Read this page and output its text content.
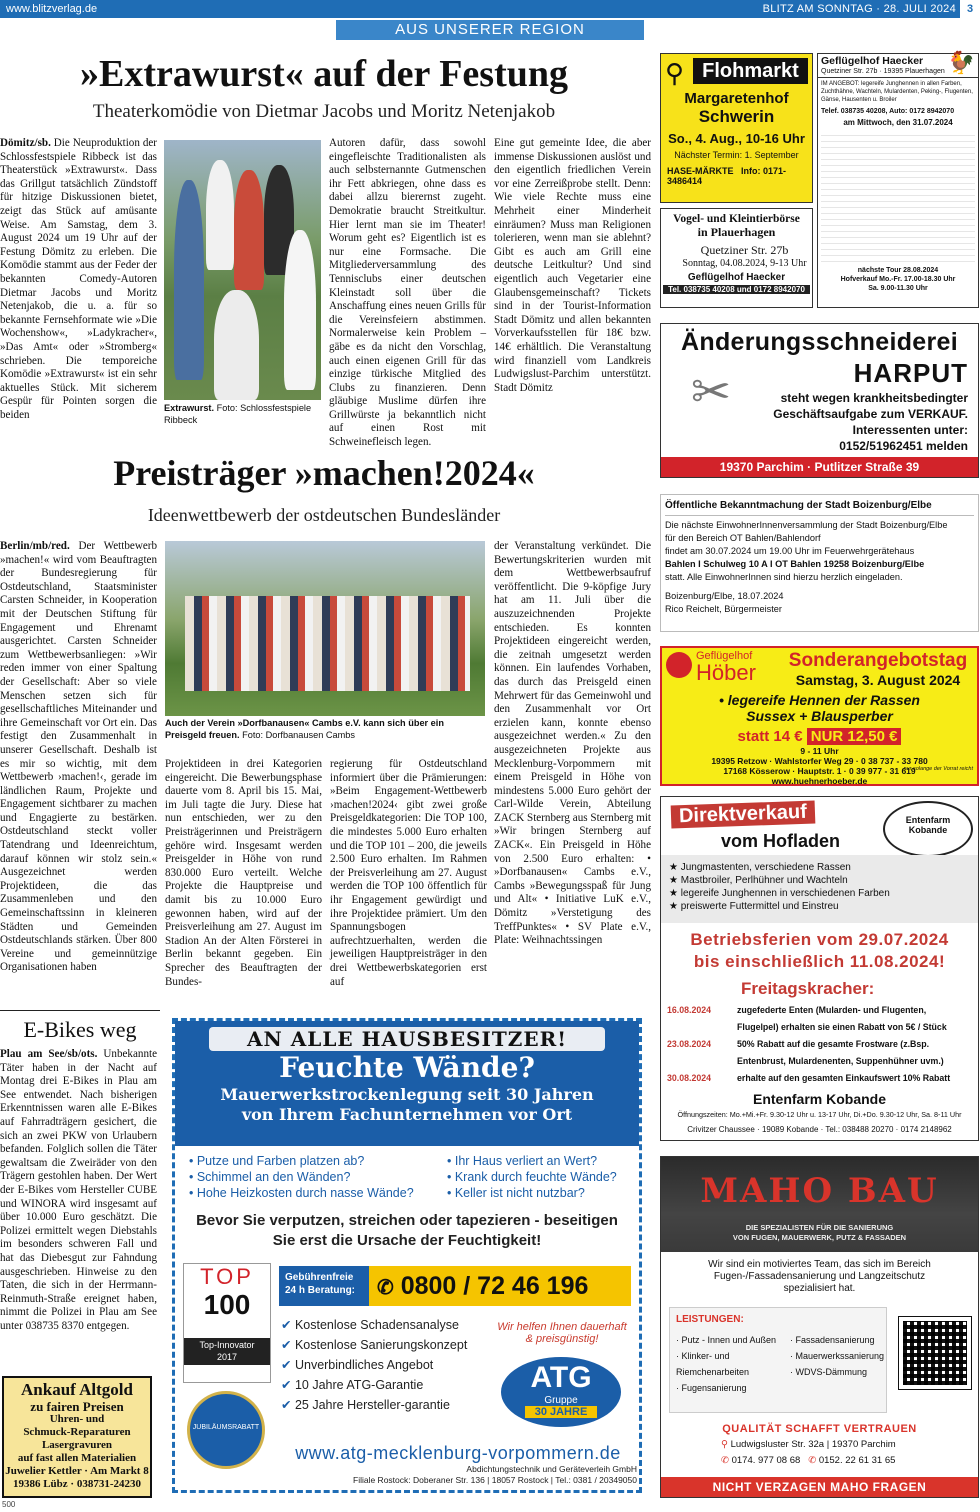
www.blitzverlag.de	BLITZ AM SONNTAG · 28. JULI 2024 3
AUS UNSERER REGION
»Extrawurst« auf der Festung
Theaterkomödie von Dietmar Jacobs und Moritz Netenjakob
Dömitz/sb. Die Neuproduktion der Schlossfestspiele Ribbeck ist das Theaterstück »Extrawurst«. Dass das Grillgut tatsächlich Zündstoff für hitzige Diskussionen bietet, zeigt das Stück auf amüsante Weise. Am Samstag, dem 3. August 2024 um 19 Uhr auf der Festung Dömitz zu erleben. Die Komödie stammt aus der Feder der bekannten Comedy-Autoren Dietmar Jacobs und Moritz Netenjakob, die u. a. für so bekannte Fernsehformate wie »Die Wochenshow«, »Ladykracher«, »Das Amt« oder »Stromberg« schrieben. Die temporeiche Komödie »Extrawurst« ist ein sehr aktuelles Stück. Mit sicherem Gespür für Pointen sorgen die beiden
Extrawurst. Foto: Schlossfestspiele Ribbeck
Autoren dafür, dass sowohl eingefleischte Traditionalisten als auch selbsternannte Gutmenschen ihr Fett abkriegen, ohne dass es dabei allzu bierernst zugeht. Demokratie braucht Streitkultur. Hier lernt man sie im Theater! Worum geht es? Eigentlich ist es nur eine Formsache. Die Mitgliederversammlung des Tennisclubs einer deutschen Kleinstadt soll über die Anschaffung eines neuen Grills für die Vereinsfeiern abstimmen. Normalerweise kein Problem – gäbe es da nicht den Vorschlag, auch einen eigenen Grill für das einzige türkische Mitglied des Clubs zu finanzieren. Denn gläubige Muslime dürfen ihre Grillwürste ja bekanntlich nicht auf einen Rost mit Schweinefleisch legen.
Eine gut gemeinte Idee, die aber immense Diskussionen auslöst und den eigentlich friedlichen Verein vor eine Zerreißprobe stellt. Denn: Wie viele Rechte muss eine Mehrheit einer Minderheit einräumen? Muss man Religionen tolerieren, wenn man sie ablehnt? Gibt es auch am Grill eine deutsche Leitkultur? Und sind eigentlich auch Vegetarier eine Glaubensgemeinschaft? Tickets sind in der Tourist-Information Stadt Dömitz und allen bekannten Vorverkaufsstellen für 18€ bzw. 14€ erhältlich. Die Veranstaltung wird finanziell vom Landkreis Ludwigslust-Parchim unterstützt. Stadt Dömitz
Preisträger »machen!2024«
Ideenwettbewerb der ostdeutschen Bundesländer
Berlin/mb/red. Der Wettbewerb »machen!« wird vom Beauftragten der Bundesregierung für Ostdeutschland, Staatsminister Carsten Schneider, in Kooperation mit der Deutschen Stiftung für Engagement und Ehrenamt ausgerichtet. Carsten Schneider zum Wettbewerbsanliegen: »Wir reden immer von einer Spaltung der Gesellschaft: Aber so viele Menschen setzen sich für gesellschaftliches Miteinander und ihre Gemeinschaft vor Ort ein. Das festigt den Zusammenhalt in unserer Gesellschaft. Deshalb ist es mir so wichtig, mit dem Wettbewerb ›machen!‹, gerade im ländlichen Raum, Projekte und Engagement sichtbarer zu machen und Engagierte zu bestärken. Ostdeutschland steckt voller Tatendrang und Ideenreichtum, darauf können wir stolz sein.« Ausgezeichnet werden Projektideen, die das Zusammenleben und den Gemeinschaftssinn in kleineren Städten und Gemeinden Ostdeutschlands stärken. Über 800 Vereine und gemeinnützige Organisationen haben
Auch der Verein »Dorfbanausen« Cambs e.V. kann sich über ein Preisgeld freuen. Foto: Dorfbanausen Cambs
Projektideen in drei Kategorien eingereicht. Die Bewerbungsphase dauerte vom 8. April bis 15. Mai, im Juli tagte die Jury. Diese hat nun entschieden, wer zu den Preisträgerinnen und Preisträgern gehöre wird. Insgesamt werden Preisgelder in Höhe von rund 830.000 Euro verteilt. Welche Projekte die Hauptpreise und damit bis zu 10.000 Euro gewonnen haben, wird auf der Preisverleihung am 27. August im Stadion An der Alten Försterei in Berlin bekannt gegeben. Ein Sprecher des Beauftragten der Bundes-
regierung für Ostdeutschland informiert über die Prämierungen: »Beim Engagement-Wettbewerb ›machen!2024‹ gibt zwei große Preisgeldkategorien: Die TOP 100, die mindestes 5.000 Euro erhalten und die TOP 101 – 200, die jeweils 2.500 Euro erhalten. Im Rahmen der Preisverleihung am 27. August werden die TOP 100 öffentlich für ihr Engagement gewürdigt und ihre Projektidee prämiert. Um den Spannungsbogen aufrechtzuerhalten, werden die jeweiligen Hauptpreisträger in den drei Wettbewerbskategorien erst auf
der Veranstaltung verkündet. Die Bewertungskriterien wurden mit dem Wettbewerbsaufruf veröffentlicht. Die 9-köpfige Jury hat am 11. Juli über die auszuzeichnenden Projekte entschieden. Es konnten Projektideen eingereicht werden, die zeitnah umgesetzt werden können. Ein laufendes Vorhaben, das durch das Preisgeld einen Mehrwert für das Gemeinwohl und den Zusammenhalt vor Ort erzielen kann, konnte ebenso ausgezeichnet werden.« Zu den ausgezeichneten Projekte aus Mecklenburg-Vorpommern mit einem Preisgeld in Höhe von mindestens 5.000 Euro gehört der Carl-Wilde Verein, Abteilung ZACK Sternberg aus Sternberg mit »Wir bringen Sternberg auf ZACK«. Ein Preisgeld in Höhe von 2.500 Euro erhalten: • »Dorfbanausen« Cambs e.V., Cambs »Bewegungsspaß für Jung und Alt« • Initiative LuK e.V., Dömitz »Verstetigung des TreffPunktes« • SV Plate e.V., Plate: Weihnachtssingen
E-Bikes weg
Plau am See/sb/ots. Unbekannte Täter haben in der Nacht auf Montag drei E-Bikes in Plau am See entwendet. Nach bisherigen Erkenntnissen waren alle E-Bikes auf Fahrradträgern gesichert, die sich an zwei PKW von Urlaubern befanden. Folglich sollen die Täter gewaltsam die Zweiräder von den Trägern gestohlen haben. Der Wert der E-Bikes vom Hersteller CUBE und WINORA wird insgesamt auf über 10.000 Euro geschätzt. Die Polizei ermittelt wegen Diebstahls im besonders schweren Fall und hat das Diebesgut zur Fahndung ausgeschrieben. Hinweise zu den Taten, die sich in der Herrmann-Reinmuth-Straße ereignet haben, nimmt die Polizei in Plau am See unter 038735 8370 entgegen.
Ankauf Altgold
zu fairen Preisen
Uhren- und
Schmuck-Reparaturen
Lasergravuren
auf fast allen Materialien
Juwelier Kettler · Am Markt 8
19386 Lübz · 038731-24230
500
AN ALLE HAUSBESITZER!
Feuchte Wände?
Mauerwerkstrockenlegung seit 30 Jahren
von Ihrem Fachunternehmen vor Ort
• Putze und Farben platzen ab?
• Schimmel an den Wänden?
• Hohe Heizkosten durch nasse Wände?
• Ihr Haus verliert an Wert?
• Krank durch feuchte Wände?
• Keller ist nicht nutzbar?
Bevor Sie verputzen, streichen oder tapezieren - beseitigen Sie erst die Ursache der Feuchtigkeit!
TOP
100
Top-Innovator
2017
JUBILÄUMSRABATT
Gebührenfreie
24 h Beratung:	✆ 0800 / 72 46 196
✔ Kostenlose Schadensanalyse
✔ Kostenlose Sanierungskonzept
✔ Unverbindliches Angebot
✔ 10 Jahre ATG-Garantie
✔ 25 Jahre Hersteller-garantie
Wir helfen Ihnen dauerhaft & preisgünstig!
ATG
Gruppe
30 JAHRE
www.atg-mecklenburg-vorpommern.de
Abdichtungstechnik und Geräteverleih GmbH
Filiale Rostock: Doberaner Str. 136 | 18057 Rostock | Tel.: 0381 / 20349050
Flohmarkt
⚲
Margaretenhof
Schwerin
So., 4. Aug., 10-16 Uhr
Nächster Termin: 1. September
HASE-MÄRKTE Info: 0171-3486414
Vogel- und Kleintierbörse
in Plauerhagen
Quetziner Str. 27b
Sonntag, 04.08.2024, 9-13 Uhr
Geflügelhof Haecker
Tel. 038735 40208 und 0172 8942070
Geflügelhof Haecker	🐓
Quetziner Str. 27b · 19395 Plauerhagen
IM ANGEBOT: legereife Junghennen in allen Farben, Zuchthähne, Wachteln, Mulardenten, Peking-, Flugenten, Gänse, Hausenten u. Broiler
Telef. 038735 40208, Auto: 0172 8942070
am Mittwoch, den 31.07.2024
nächste Tour 28.08.2024
Hofverkauf Mo.-Fr. 17.00-18.30 Uhr
Sa. 9.00-11.30 Uhr
Änderungsschneiderei
HARPUT
✂	steht wegen krankheitsbedingter
Geschäftsaufgabe zum VERKAUF.
Interessenten unter:
0152/51962451 melden
19370 Parchim · Putlitzer Straße 39
Öffentliche Bekanntmachung der Stadt Boizenburg/Elbe
Die nächste EinwohnerInnenversammlung der Stadt Boizenburg/Elbe
für den Bereich OT Bahlen/Bahlendorf
findet am 30.07.2024 um 19.00 Uhr im Feuerwehrgerätehaus
Bahlen I Schulweg 10 A I OT Bahlen 19258 Boizenburg/Elbe
statt. Alle EinwohnerInnen sind hierzu herzlich eingeladen.
Boizenburg/Elbe, 18.07.2024
Rico Reichelt, Bürgermeister
Geflügelhof
Höber	Sonderangebotstag
Samstag, 3. August 2024
• legereife Hennen der Rassen
Sussex + Blausperber
statt 14 € NUR 12,50 €
9 - 11 Uhr
19395 Retzow · Wahlstorfer Weg 29 · 0 38 737 - 33 780
17168 Kösserow · Hauptstr. 1 · 0 39 977 - 31 619
www.huehnerhoeber.de
nur solange der Vorrat reicht
Direktverkauf
vom Hofladen
Entenfarm
Kobande
★ Jungmastenten, verschiedene Rassen
★ Mastbroiler, Perlhühner und Wachteln
★ legereife Junghennen in verschiedenen Farben
★ preiswerte Futtermittel und Einstreu
Betriebsferien vom 29.07.2024
bis einschließlich 11.08.2024!
Freitagskracher:
16.08.2024	zugefederte Enten (Mularden- und Flugenten,
Flugelpel) erhalten sie einen Rabatt von 5€ / Stück
23.08.2024	50% Rabatt auf die gesamte Frostware (z.Bsp.
Entenbrust, Mulardenenten, Suppenhühner uvm.)
30.08.2024	erhalte auf den gesamten Einkaufswert 10% Rabatt
Entenfarm Kobande
Öffnungszeiten: Mo.+Mi.+Fr. 9.30-12 Uhr u. 13-17 Uhr, Di.+Do. 9.30-12 Uhr, Sa. 8-11 Uhr
Crivitzer Chaussee · 19089 Kobande · Tel.: 038488 20270 · 0174 2148962
MAHO BAU
DIE SPEZIALISTEN FÜR DIE SANIERUNG
VON FUGEN, MAUERWERK, PUTZ & FASSADEN
Wir sind ein motiviertes Team, das sich im Bereich
Fugen-/Fassadensanierung und Langzeitschutz
spezialisiert hat.
LEISTUNGEN:
· Putz - Innen und Außen
· Klinker- und
Riemchenarbeiten
· Fugensanierung
· Fassadensanierung
· Mauerwerkssanierung
· WDVS-Dämmung
QUALITÄT SCHAFFT VERTRAUEN
⚲ Ludwigsluster Str. 32a | 19370 Parchim
✆ 0174. 977 08 68 ✆ 0152. 22 61 31 65
NICHT VERZAGEN MAHO FRAGEN
